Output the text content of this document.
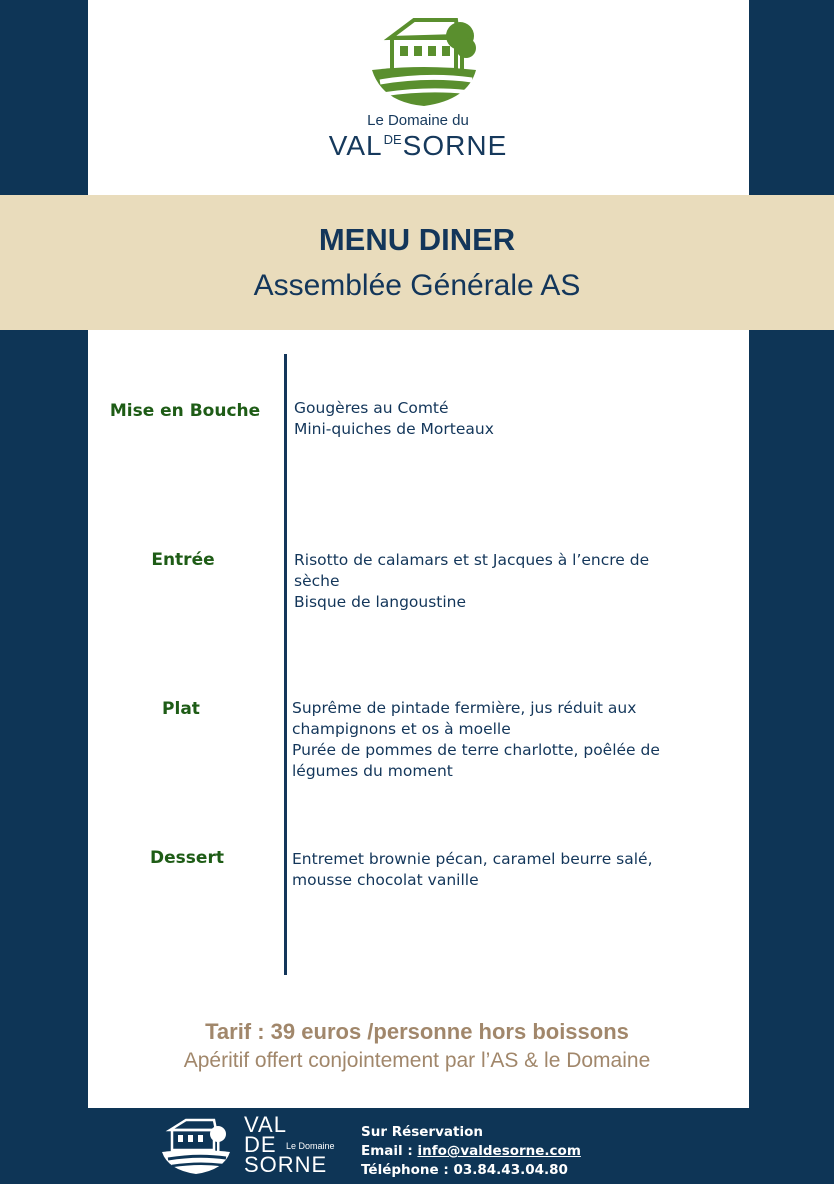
Le Domaine du
$VAL^{DE}SORNE$
MENU DINER
Assemblée Générale AS
Mise en Bouche	Gougères au Comté
Mini-quiches de Morteaux
Entrée	Risotto de calamars et st Jacques à l’encre de
sèche
Bisque de langoustine
Plat	Suprême de pintade fermière, jus réduit aux
champignons et os à moelle
Purée de pommes de terre charlotte, poêlée de
légumes du moment
Dessert	Entremet brownie pécan, caramel beurre salé,
mousse chocolat vanille
Tarif : 39 euros /personne hors boissons
Apéritif offert conjointement par l’AS & le Domaine
VAL
DE Le Domaine
SORNE
Sur Réservation
Email : info@valdesorne.com
Téléphone : 03.84.43.04.80
